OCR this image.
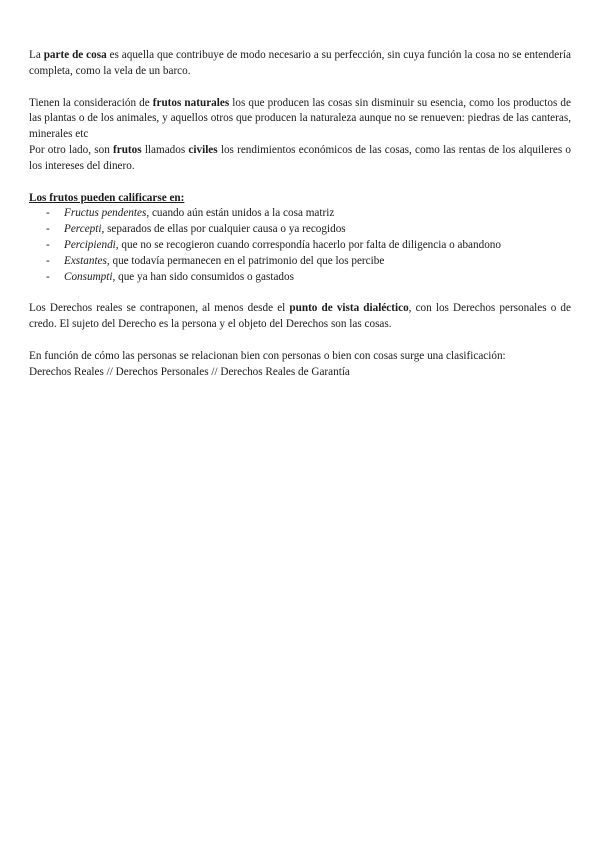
La parte de cosa es aquella que contribuye de modo necesario a su perfección, sin cuya función la cosa no se entendería completa, como la vela de un barco.

Tienen la consideración de frutos naturales los que producen las cosas sin disminuir su esencia, como los productos de las plantas o de los animales, y aquellos otros que producen la naturaleza aunque no se renueven: piedras de las canteras, minerales etc

Por otro lado, son frutos llamados civiles los rendimientos económicos de las cosas, como las rentas de los alquileres o los intereses del dinero.

Los frutos pueden calificarse en:

- Fructus pendentes, cuando aún están unidos a la cosa matriz
- Percepti, separados de ellas por cualquier causa o ya recogidos
- Percipiendi, que no se recogieron cuando correspondía hacerlo por falta de diligencia o abandono
- Exstantes, que todavía permanecen en el patrimonio del que los percibe
- Consumpti, que ya han sido consumidos o gastados

Los Derechos reales se contraponen, al menos desde el punto de vista dialéctico, con los Derechos personales o de credo. El sujeto del Derecho es la persona y el objeto del Derechos son las cosas.

En función de cómo las personas se relacionan bien con personas o bien con cosas surge una clasificación:

Derechos Reales // Derechos Personales // Derechos Reales de Garantía
